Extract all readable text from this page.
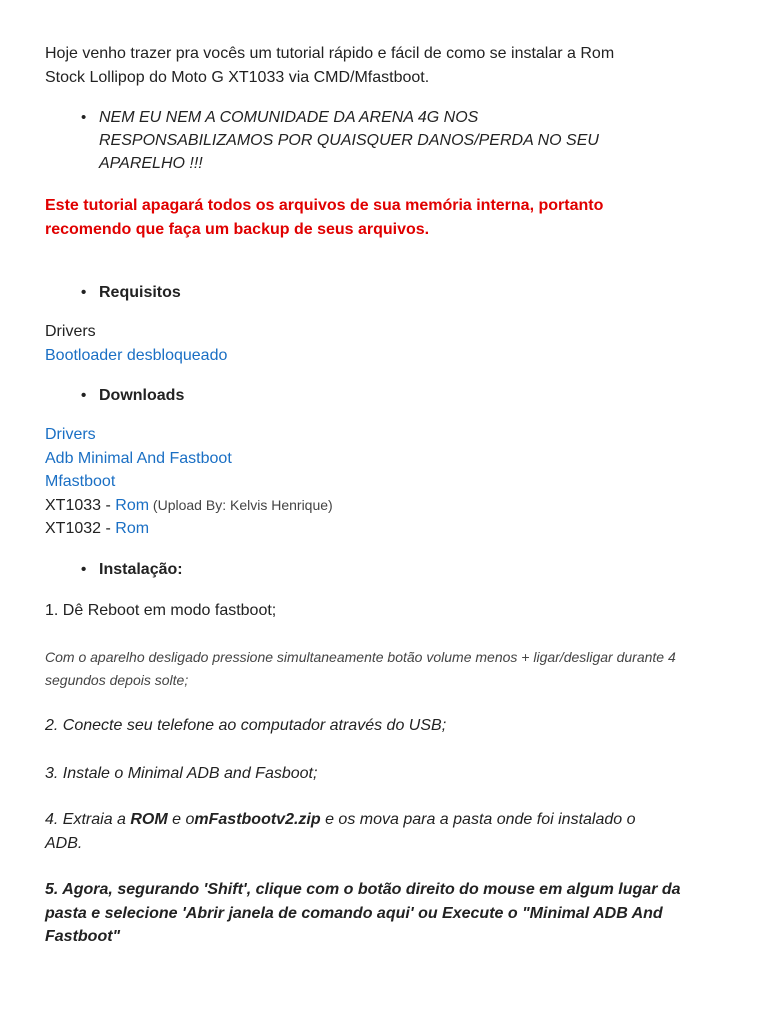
Hoje venho trazer pra vocês um tutorial rápido e fácil de como se instalar a Rom
Stock Lollipop do Moto G XT1033 via CMD/Mfastboot.
• NEM EU NEM A COMUNIDADE DA ARENA 4G NOS
RESPONSABILIZAMOS POR QUAISQUER DANOS/PERDA NO SEU
APARELHO !!!
Este tutorial apagará todos os arquivos de sua memória interna, portanto
recomendo que faça um backup de seus arquivos.
• Requisitos
Drivers
Bootloader desbloqueado
• Downloads
Drivers
Adb Minimal And Fastboot
Mfastboot
XT1033 - Rom (Upload By: Kelvis Henrique)
XT1032 - Rom
• Instalação:
1. Dê Reboot em modo fastboot;
Com o aparelho desligado pressione simultaneamente botão volume menos + ligar/desligar durante 4
segundos depois solte;
2. Conecte seu telefone ao computador através do USB;
3. Instale o Minimal ADB and Fasboot;
4. Extraia a ROM e omFastbootv2.zip e os mova para a pasta onde foi instalado o
ADB.
5. Agora, segurando 'Shift', clique com o botão direito do mouse em algum lugar da
pasta e selecione 'Abrir janela de comando aqui' ou Execute o "Minimal ADB And
Fastboot"
